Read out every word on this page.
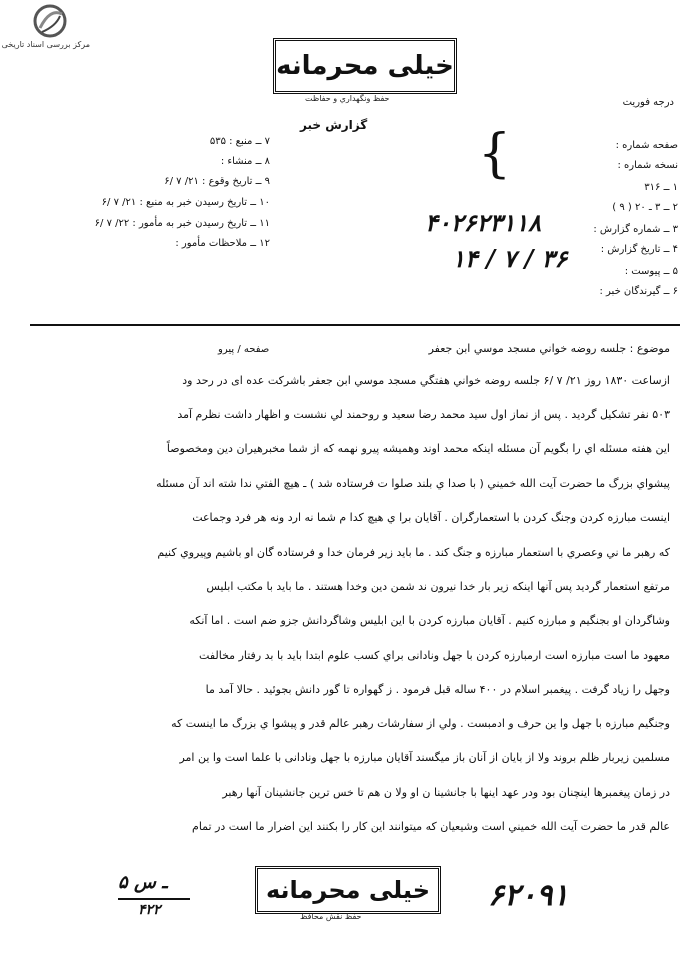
مرکز بررسی اسناد تاریخی
خیلی محرمانه
حفظ ونگهداري و حفاظت	درجه فوريت
گزارش خبر
۷ ــ منبع : ۵۳۵
۸ ــ منشاء :
۹ ــ تاريخ وقوع : ۲۱/ ۷ /۶
۱۰ ــ تاريخ رسيدن خبر به منبع : ۲۱/ ۷ /۶
۱۱ ــ تاريخ رسيدن خبر به مأمور : ۲۲/ ۷ /۶
۱۲ ــ ملاحظات مأمور :
{	صفحه شماره :
نسخه شماره :
۱ ــ ۳۱۶
۲ ــ ۳ ـ ۲۰ ( ۹ )
۳ ــ شماره گزارش :
۴ ــ تاريخ گزارش :
۵ ــ پيوست :
۶ ــ گيرندگان خبر :
۴۰۲۶۲۳۱۱۸
۱۴ / ۷ / ۳۶
صفحه / پيرو	موضوع : جلسه روضه خواني مسجد موسي ابن جعفر
ازساعت ۱۸۳۰ روز ۲۱/ ۷ /۶ جلسه روضه خواني هفتگي مسجد موسي ابن جعفر باشركت عده ای در رحد ود
۵۰۳ نفر تشكيل گرديد . پس از نماز اول سيد محمد رضا سعيد و روحمند لي نشست و اظهار داشت نظرم آمد
اين هفته مسئله اي را بگويم آن مسئله اينكه محمد اوند وهميشه پيرو نهمه كه از شما مخبرهيران دين ومخصوصاً
پيشواي بزرگ ما حضرت آيت الله خميني ( با صدا ي بلند صلوا ت فرستاده شد ) ـ هيچ الفتي ندا شته اند آن مسئله
اينست مبارزه كردن وجنگ كردن با استعمارگران . آقايان برا ي هيچ كدا م شما نه ارد ونه هر فرد وجماعت
كه رهبر ما ني وعصري با استعمار مبارزه و جنگ كند . ما بايد زير فرمان خدا و فرستاده گان او باشيم وپيروي كنيم
مرتفع استعمار گرديد پس آنها اينكه زير بار خدا نيرون ند شمن دين وخدا هستند . ما بايد با مكتب ابليس
وشاگردان او بجنگيم و مبارزه كنيم . آقايان مبارزه كردن با اين ابليس وشاگردانش جزو ضم است . اما آنكه
معهود ما است مبارزه است ارمبارزه كردن با جهل ونادانی براي كسب علوم ابتدا بايد با بد رفتار مخالفت
وجهل را زياد گرفت . پيغمبر اسلام در ۴۰۰ ساله قبل فرمود . ز گهواره تا گور دانش بجوئيد . حالا آمد ما
وجنگيم مبارزه با جهل وا ين حرف و ادمبست . ولي از سفارشات رهبر عالم قدر و پيشوا ي بزرگ ما اينست كه
مسلمين زيربار ظلم بروند ولا از بايان از آنان باز ميگسند آقايان مبارزه با جهل ونادانی با علما است وا ين امر
در زمان پيغمبرها اينچنان بود ودر عهد اينها با جانشينا ن او ولا ن هم تا خس ترين جانشينان آنها رهبر
عالم قدر ما حضرت آيت الله خميني است وشيعيان كه ميتوانند اين كار را بكنند اين اضرار ما است در تمام
خیلی محرمانه
حفظ نقش محافظ
۵ ـ س
۴۲۲	۶۲۰۹۱
